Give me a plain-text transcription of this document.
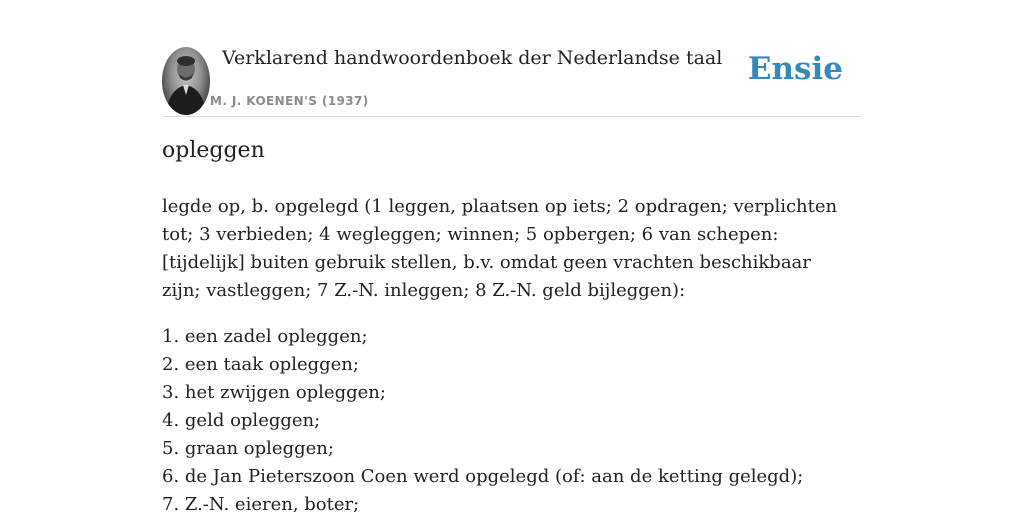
Verklarend handwoordenboek der Nederlandse taal
M. J. KOENEN'S (1937)
Ensie
opleggen

legde op, b. opgelegd (1 leggen, plaatsen op iets; 2 opdragen; verplichten tot; 3 verbieden; 4 wegleggen; winnen; 5 opbergen; 6 van schepen: [tijdelijk] buiten gebruik stellen, b.v. omdat geen vrachten beschikbaar zijn; vastleggen; 7 Z.-N. inleggen; 8 Z.-N. geld bijleggen):

1. een zadel opleggen;
2. een taak opleggen;
3. het zwijgen opleggen;
4. geld opleggen;
5. graan opleggen;
6. de Jan Pieterszoon Coen werd opgelegd (of: aan de ketting gelegd);
7. Z.-N. eieren, boter;
